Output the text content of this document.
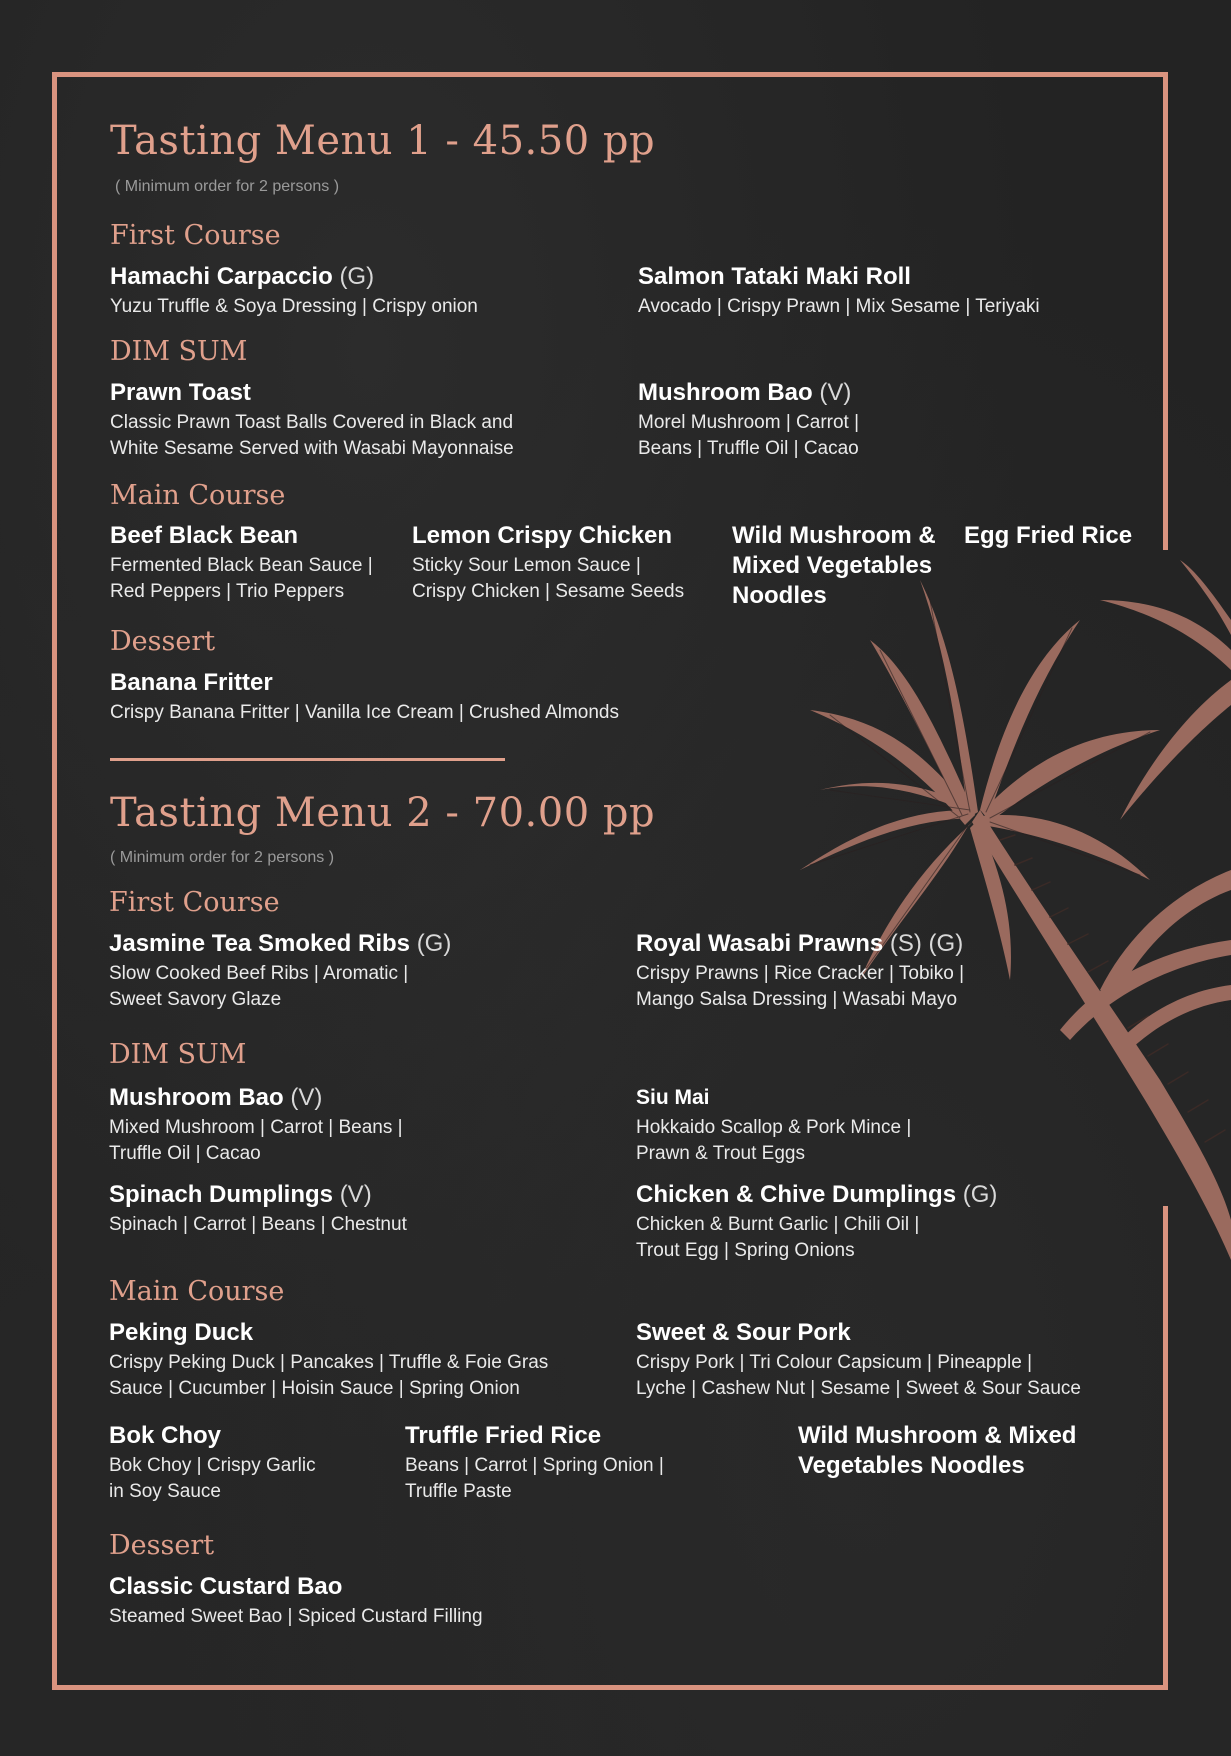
Tasting Menu 1 - 45.50 pp
( Minimum order for 2 persons )
First Course
Hamachi Carpaccio (G)
Yuzu Truffle & Soya Dressing | Crispy onion
Salmon Tataki Maki Roll
Avocado | Crispy Prawn | Mix Sesame | Teriyaki
DIM SUM
Prawn Toast
Classic Prawn Toast Balls Covered in Black and
White Sesame Served with Wasabi Mayonnaise
Mushroom Bao (V)
Morel Mushroom | Carrot |
Beans | Truffle Oil | Cacao
Main Course
Beef Black Bean
Fermented Black Bean Sauce |
Red Peppers | Trio Peppers
Lemon Crispy Chicken
Sticky Sour Lemon Sauce |
Crispy Chicken | Sesame Seeds
Wild Mushroom &
Mixed Vegetables
Noodles
Egg Fried Rice
Dessert
Banana Fritter
Crispy Banana Fritter | Vanilla Ice Cream | Crushed Almonds
Tasting Menu 2 - 70.00 pp
( Minimum order for 2 persons )
First Course
Jasmine Tea Smoked Ribs (G)
Slow Cooked Beef Ribs | Aromatic |
Sweet Savory Glaze
Royal Wasabi Prawns (S) (G)
Crispy Prawns | Rice Cracker | Tobiko |
Mango Salsa Dressing | Wasabi Mayo
DIM SUM
Mushroom Bao (V)
Mixed Mushroom | Carrot | Beans |
Truffle Oil | Cacao
Siu Mai
Hokkaido Scallop & Pork Mince |
Prawn & Trout Eggs
Spinach Dumplings (V)
Spinach | Carrot | Beans | Chestnut
Chicken & Chive Dumplings (G)
Chicken & Burnt Garlic | Chili Oil |
Trout Egg | Spring Onions
Main Course
Peking Duck
Crispy Peking Duck | Pancakes | Truffle & Foie Gras
Sauce | Cucumber | Hoisin Sauce | Spring Onion
Sweet & Sour Pork
Crispy Pork | Tri Colour Capsicum | Pineapple |
Lyche | Cashew Nut | Sesame | Sweet & Sour Sauce
Bok Choy
Bok Choy | Crispy Garlic
in Soy Sauce
Truffle Fried Rice
Beans | Carrot | Spring Onion |
Truffle Paste
Wild Mushroom & Mixed
Vegetables Noodles
Dessert
Classic Custard Bao
Steamed Sweet Bao | Spiced Custard Filling
